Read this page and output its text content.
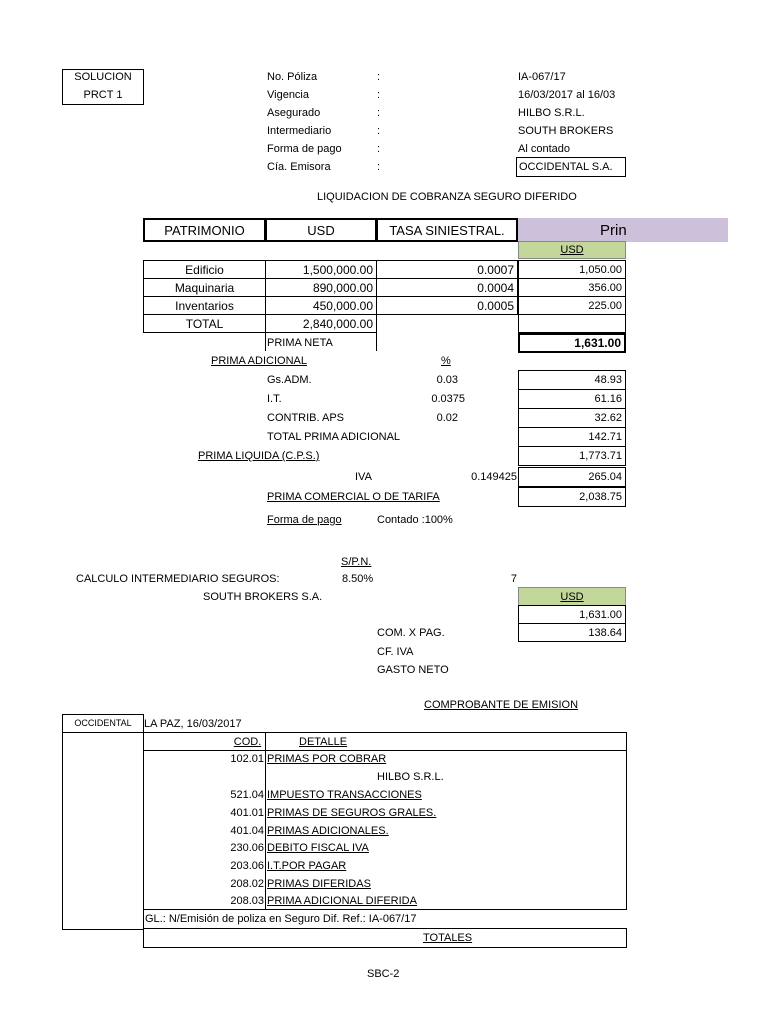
SOLUCION
PRCT 1
No. Póliza	:	IA-067/17
Vigencia	:	16/03/2017 al 16/03
Asegurado	:	HILBO S.R.L.
Intermediario	:	SOUTH BROKERS
Forma de pago	:	Al contado
Cía. Emisora	:	OCCIDENTAL S.A.
LIQUIDACION DE COBRANZA SEGURO DIFERIDO
PATRIMONIO	USD	TASA SINIESTRAL.	Prin
USD
Edificio	1,500,000.00	0.0007	1,050.00
Maquinaria	890,000.00	0.0004	356.00
Inventarios	450,000.00	0.0005	225.00
TOTAL	2,840,000.00
PRIMA NETA	1,631.00
PRIMA ADICIONAL	%
Gs.ADM.	0.03	48.93
I.T.	0.0375	61.16
CONTRIB. APS	0.02	32.62
TOTAL PRIMA ADICIONAL	142.71
PRIMA LIQUIDA (C.P.S.)	1,773.71
IVA	0.149425	265.04
PRIMA COMERCIAL O DE TARIFA	2,038.75
Forma de pago	Contado :100%
S/P.N.
CALCULO INTERMEDIARIO SEGUROS:	8.50%	7
SOUTH BROKERS S.A.	USD
1,631.00
COM. X PAG.	138.64
CF. IVA
GASTO NETO
COMPROBANTE DE EMISION
OCCIDENTAL	LA PAZ, 16/03/2017
COD.	DETALLE
102.01 PRIMAS POR COBRAR
HILBO S.R.L.
521.04 IMPUESTO TRANSACCIONES
401.01 PRIMAS DE SEGUROS GRALES.
401.04 PRIMAS ADICIONALES.
230.06 DEBITO FISCAL IVA
203.06 I.T.POR PAGAR
208.02 PRIMAS DIFERIDAS
208.03 PRIMA ADICIONAL DIFERIDA
GL.: N/Emisión de poliza en Seguro Dif. Ref.: IA-067/17
TOTALES
SBC-2
